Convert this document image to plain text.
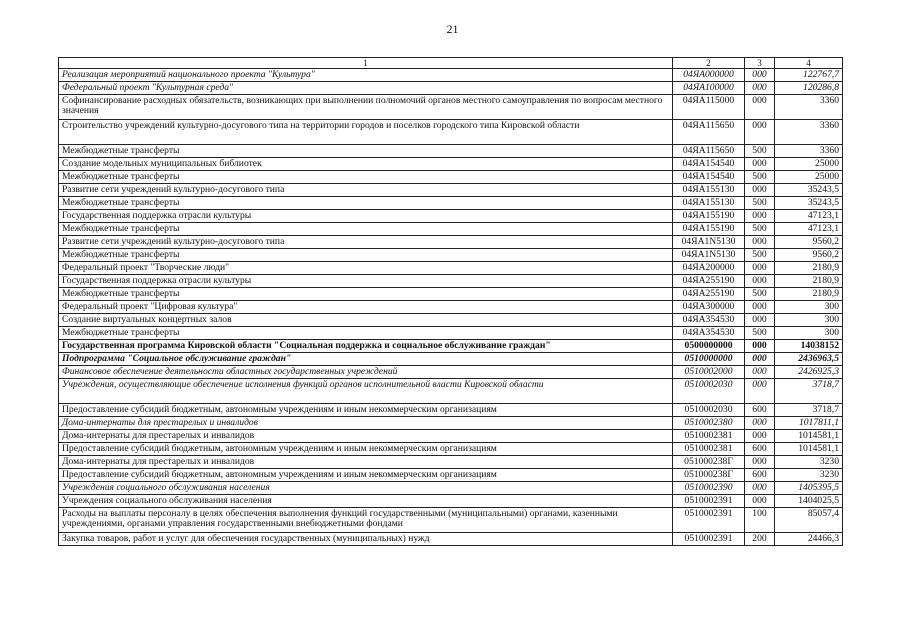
21
1	2	3	4
Реализация мероприятий национального проекта "Культура"	04ЯА000000	000	122767,7
Федеральный проект "Культурная среда"	04ЯА100000	000	120286,8
Софинансирование расходных обязательств, возникающих при выполнении полномочий органов местного самоуправления по вопросам местного значения	04ЯА115000	000	3360
Строительство учреждений культурно-досугового типа на территории городов и поселков городского типа Кировской области	04ЯА115650	000	3360
Межбюджетные трансферты	04ЯА115650	500	3360
Создание модельных муниципальных библиотек	04ЯА154540	000	25000
Межбюджетные трансферты	04ЯА154540	500	25000
Развитие сети учреждений культурно-досугового типа	04ЯА155130	000	35243,5
Межбюджетные трансферты	04ЯА155130	500	35243,5
Государственная поддержка отрасли культуры	04ЯА155190	000	47123,1
Межбюджетные трансферты	04ЯА155190	500	47123,1
Развитие сети учреждений культурно-досугового типа	04ЯА1N5130	000	9560,2
Межбюджетные трансферты	04ЯА1N5130	500	9560,2
Федеральный проект "Творческие люди"	04ЯА200000	000	2180,9
Государственная поддержка отрасли культуры	04ЯА255190	000	2180,9
Межбюджетные трансферты	04ЯА255190	500	2180,9
Федеральный проект "Цифровая культура"	04ЯА300000	000	300
Создание виртуальных концертных залов	04ЯА354530	000	300
Межбюджетные трансферты	04ЯА354530	500	300
Государственная программа Кировской области "Социальная поддержка и социальное обслуживание граждан"	0500000000	000	14038152
Подпрограмма "Социальное обслуживание граждан"	0510000000	000	2436963,5
Финансовое обеспечение деятельности областных государственных учреждений	0510002000	000	2426925,3
Учреждения, осуществляющие обеспечение исполнения функций органов исполнительной власти Кировской области	0510002030	000	3718,7
Предоставление субсидий бюджетным, автономным учреждениям и иным некоммерческим организациям	0510002030	600	3718,7
Дома-интернаты для престарелых и инвалидов	0510002380	000	1017811,1
Дома-интернаты для престарелых и инвалидов	0510002381	000	1014581,1
Предоставление субсидий бюджетным, автономным учреждениям и иным некоммерческим организациям	0510002381	600	1014581,1
Дома-интернаты для престарелых и инвалидов	051000238Г	000	3230
Предоставление субсидий бюджетным, автономным учреждениям и иным некоммерческим организациям	051000238Г	600	3230
Учреждения социального обслуживания населения	0510002390	000	1405395,5
Учреждения социального обслуживания населения	0510002391	000	1404025,5
Расходы на выплаты персоналу в целях обеспечения выполнения функций государственными (муниципальными) органами, казенными учреждениями, органами управления государственными внебюджетными фондами	0510002391	100	85057,4
Закупка товаров, работ и услуг для обеспечения государственных (муниципальных) нужд	0510002391	200	24466,3
